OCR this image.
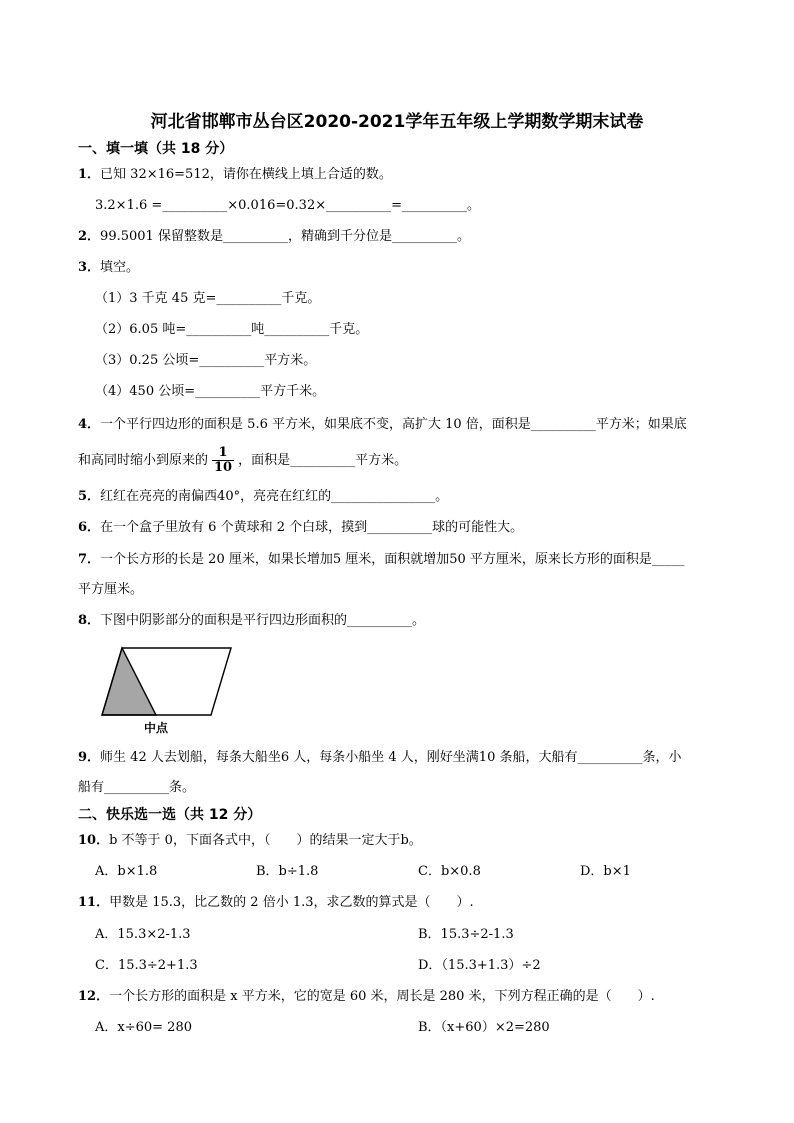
河北省邯郸市丛台区2020-2021学年五年级上学期数学期末试卷
一、填一填（共 18 分）
1．已知 32×16=512，请你在横线上填上合适的数。
3.2×1.6 =__________×0.016=0.32×__________=__________。
2．99.5001 保留整数是__________，精确到千分位是__________。
3．填空。
（1）3 千克 45 克=__________千克。
（2）6.05 吨=__________吨__________千克。
（3）0.25 公顷=__________平方米。
（4）450 公顷=__________平方千米。
4．一个平行四边形的面积是 5.6 平方米，如果底不变，高扩大 10 倍，面积是__________平方米；如果底
和高同时缩小到原来的 $\frac{1}{10}$ ，面积是__________平方米。
5．红红在亮亮的南偏西40°，亮亮在红红的________________。
6．在一个盒子里放有 6 个黄球和 2 个白球，摸到__________球的可能性大。
7．一个长方形的长是 20 厘米，如果长增加5 厘米，面积就增加50 平方厘米，原来长方形的面积是_____
平方厘米。
8．下图中阴影部分的面积是平行四边形面积的__________。
中点
9．师生 42 人去划船，每条大船坐6 人，每条小船坐 4 人，刚好坐满10 条船，大船有__________条，小
船有__________条。
二、快乐选一选（共 12 分）
10．b 不等于 0，下面各式中，（　　）的结果一定大于b。
A．b×1.8	B．b÷1.8	C．b×0.8	D．b×1
11．甲数是 15.3，比乙数的 2 倍小 1.3，求乙数的算式是（　　）.
A．15.3×2-1.3	B．15.3÷2-1.3
C．15.3÷2+1.3	D．（15.3+1.3）÷2
12．一个长方形的面积是 x 平方米，它的宽是 60 米，周长是 280 米，下列方程正确的是（　　）.
A．x÷60= 280	B．（x+60）×2=280
